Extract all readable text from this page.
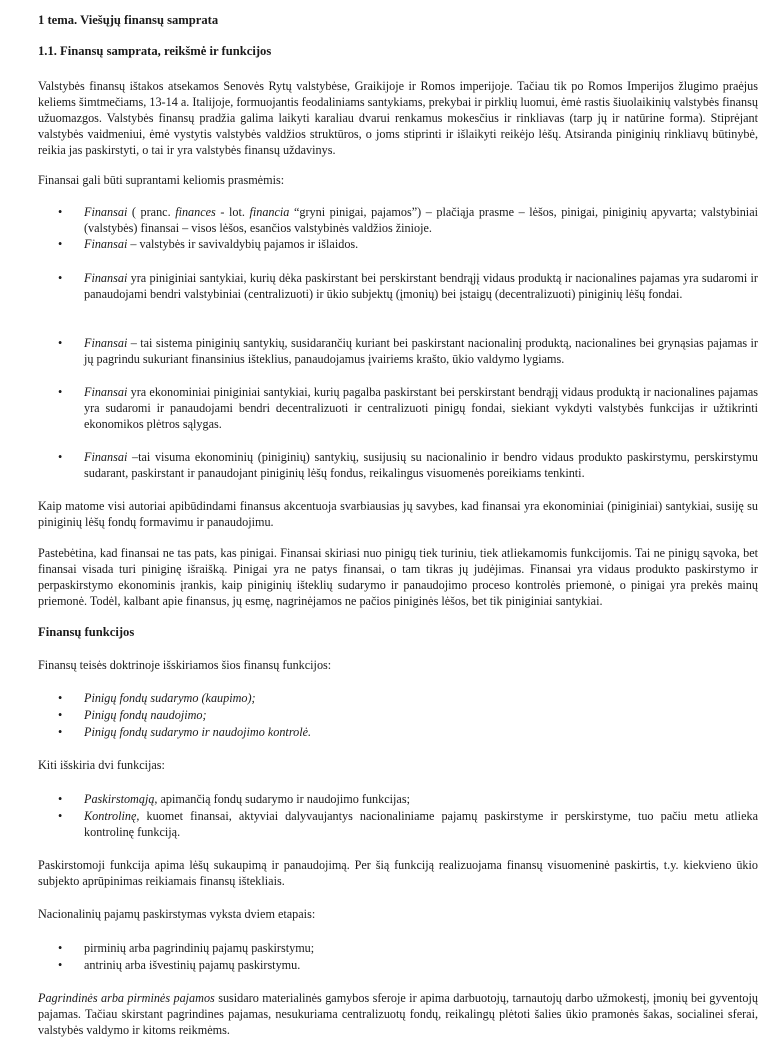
1 tema. Viešųjų finansų samprata

1.1. Finansų samprata, reikšmė ir funkcijos

Valstybės finansų ištakos atsekamos Senovės Rytų valstybėse, Graikijoje ir Romos imperijoje. Tačiau tik po Romos Imperijos žlugimo praėjus keliems šimtmečiams, 13-14 a. Italijoje, formuojantis feodaliniams santykiams, prekybai ir pirklių luomui, ėmė rastis šiuolaikinių valstybės finansų užuomazgos. Valstybės finansų pradžia galima laikyti karaliau dvarui renkamus mokesčius ir rinkliavas (tarp jų ir natūrine forma). Stiprėjant valstybės vaidmeniui, ėmė vystytis valstybės valdžios struktūros, o joms stiprinti ir išlaikyti reikėjo lėšų. Atsiranda piniginių rinkliavų būtinybė, reikia jas paskirstyti, o tai ir yra valstybės finansų uždavinys.

Finansai gali būti suprantami keliomis prasmėmis:

• Finansai ( pranc. finances - lot. financia “gryni pinigai, pajamos”) – plačiąja prasme – lėšos, pinigai, piniginių apyvarta; valstybiniai (valstybės) finansai – visos lėšos, esančios valstybinės valdžios žinioje.
• Finansai – valstybės ir savivaldybių pajamos ir išlaidos.
• Finansai yra piniginiai santykiai, kurių dėka paskirstant bei perskirstant bendrąjį vidaus produktą ir nacionalines pajamas yra sudaromi ir panaudojami bendri valstybiniai (centralizuoti) ir ūkio subjektų (įmonių) bei įstaigų (decentralizuoti) piniginių lėšų fondai.
• Finansai – tai sistema piniginių santykių, susidarančių kuriant bei paskirstant nacionalinį produktą, nacionalines bei grynąsias pajamas ir jų pagrindu sukuriant finansinius išteklius, panaudojamus įvairiems krašto, ūkio valdymo lygiams.
• Finansai yra ekonominiai piniginiai santykiai, kurių pagalba paskirstant bei perskirstant bendrąjį vidaus produktą ir nacionalines pajamas yra sudaromi ir panaudojami bendri decentralizuoti ir centralizuoti pinigų fondai, siekiant vykdyti valstybės funkcijas ir užtikrinti ekonomikos plėtros sąlygas.
• Finansai –tai visuma ekonominių (piniginių) santykių, susijusių su nacionalinio ir bendro vidaus produkto paskirstymu, perskirstymu sudarant, paskirstant ir panaudojant piniginių lėšų fondus, reikalingus visuomenės poreikiams tenkinti.

Kaip matome visi autoriai apibūdindami finansus akcentuoja svarbiausias jų savybes, kad finansai yra ekonominiai (piniginiai) santykiai, susiję su piniginių lėšų fondų formavimu ir panaudojimu.

Pastebėtina, kad finansai ne tas pats, kas pinigai. Finansai skiriasi nuo pinigų tiek turiniu, tiek atliekamomis funkcijomis. Tai ne pinigų sąvoka, bet finansai visada turi piniginę išraišką. Pinigai yra ne patys finansai, o tam tikras jų judėjimas. Finansai yra vidaus produkto paskirstymo ir perpaskirstymo ekonominis įrankis, kaip piniginių išteklių sudarymo ir panaudojimo proceso kontrolės priemonė, o pinigai yra prekės mainų priemonė. Todėl, kalbant apie finansus, jų esmę, nagrinėjamos ne pačios piniginės lėšos, bet tik piniginiai santykiai.

Finansų funkcijos

Finansų teisės doktrinoje išskiriamos šios finansų funkcijos:

• Pinigų fondų sudarymo (kaupimo);
• Pinigų fondų naudojimo;
• Pinigų fondų sudarymo ir naudojimo kontrolė.

Kiti išskiria dvi funkcijas:

• Paskirstomąją, apimančią fondų sudarymo ir naudojimo funkcijas;
• Kontrolinę, kuomet finansai, aktyviai dalyvaujantys nacionaliniame pajamų paskirstyme ir perskirstyme, tuo pačiu metu atlieka kontrolinę funkciją.

Paskirstomoji funkcija apima lėšų sukaupimą ir panaudojimą. Per šią funkciją realizuojama finansų visuomeninė paskirtis, t.y. kiekvieno ūkio subjekto aprūpinimas reikiamais finansų ištekliais.

Nacionalinių pajamų paskirstymas vyksta dviem etapais:

• pirminių arba pagrindinių pajamų paskirstymu;
• antrinių arba išvestinių pajamų paskirstymu.

Pagrindinės arba pirminės pajamos susidaro materialinės gamybos sferoje ir apima darbuotojų, tarnautojų darbo užmokestį, įmonių bei gyventojų pajamas. Tačiau skirstant pagrindines pajamas, nesukuriama centralizuotų fondų, reikalingų plėtoti šalies ūkio pramonės šakas, socialinei sferai, valstybės valdymo ir kitoms reikmėms.
